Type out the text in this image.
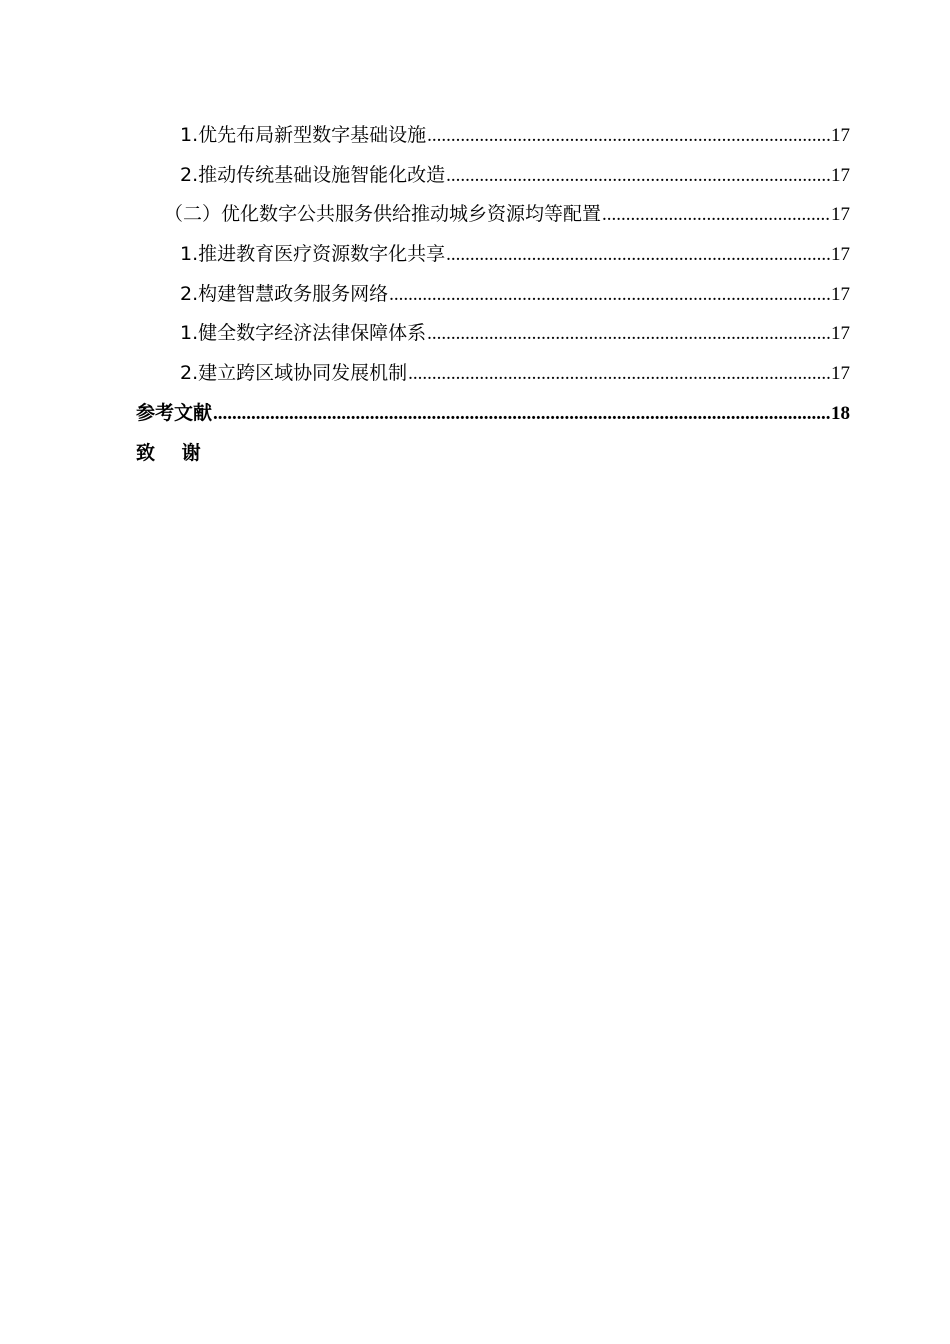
1.优先布局新型数字基础设施 .....	17
2.推动传统基础设施智能化改造 .....	17
（二）优化数字公共服务供给推动城乡资源均等配置 .....	17
1.推进教育医疗资源数字化共享 .....	17
2.构建智慧政务服务网络 .....	17
1.健全数字经济法律保障体系 .....	17
2.建立跨区域协同发展机制 .....	17
参考文献 .....	18
致 谢
